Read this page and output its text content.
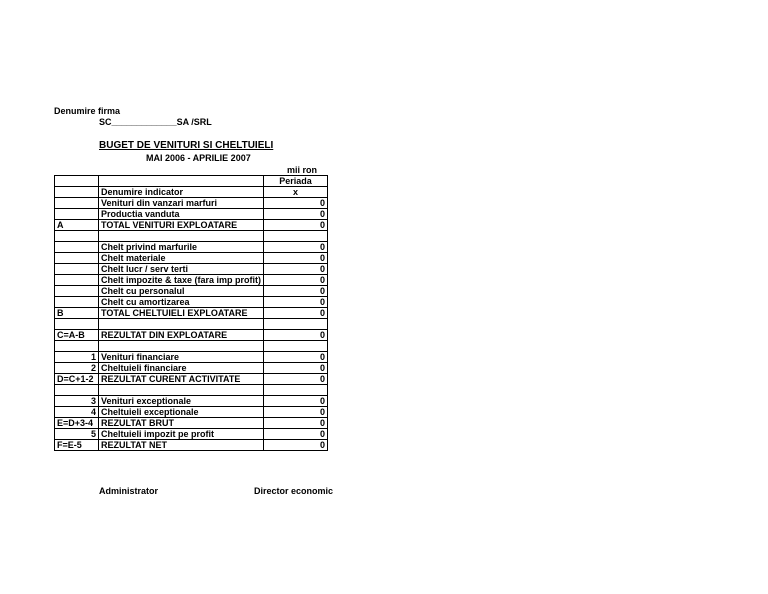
Denumire firma
SC_____________SA /SRL
BUGET DE VENITURI SI CHELTUIELI
MAI 2006 - APRILIE 2007
mii ron
		Periada
	Denumire indicator	x
	Venituri din vanzari marfuri	0
	Productia vanduta	0
A	TOTAL VENITURI EXPLOATARE	0

	Chelt privind marfurile	0
	Chelt materiale	0
	Chelt lucr / serv terti	0
	Chelt impozite & taxe (fara imp profit)	0
	Chelt cu personalul	0
	Chelt cu amortizarea	0
B	TOTAL CHELTUIELI EXPLOATARE	0

C=A-B	REZULTAT DIN EXPLOATARE	0

1	Venituri financiare	0
2	Cheltuieli financiare	0
D=C+1-2	REZULTAT CURENT ACTIVITATE	0

3	Venituri exceptionale	0
4	Cheltuieli exceptionale	0
E=D+3-4	REZULTAT BRUT	0
5	Cheltuieli impozit pe profit	0
F=E-5	REZULTAT NET	0
Administrator	Director economic
